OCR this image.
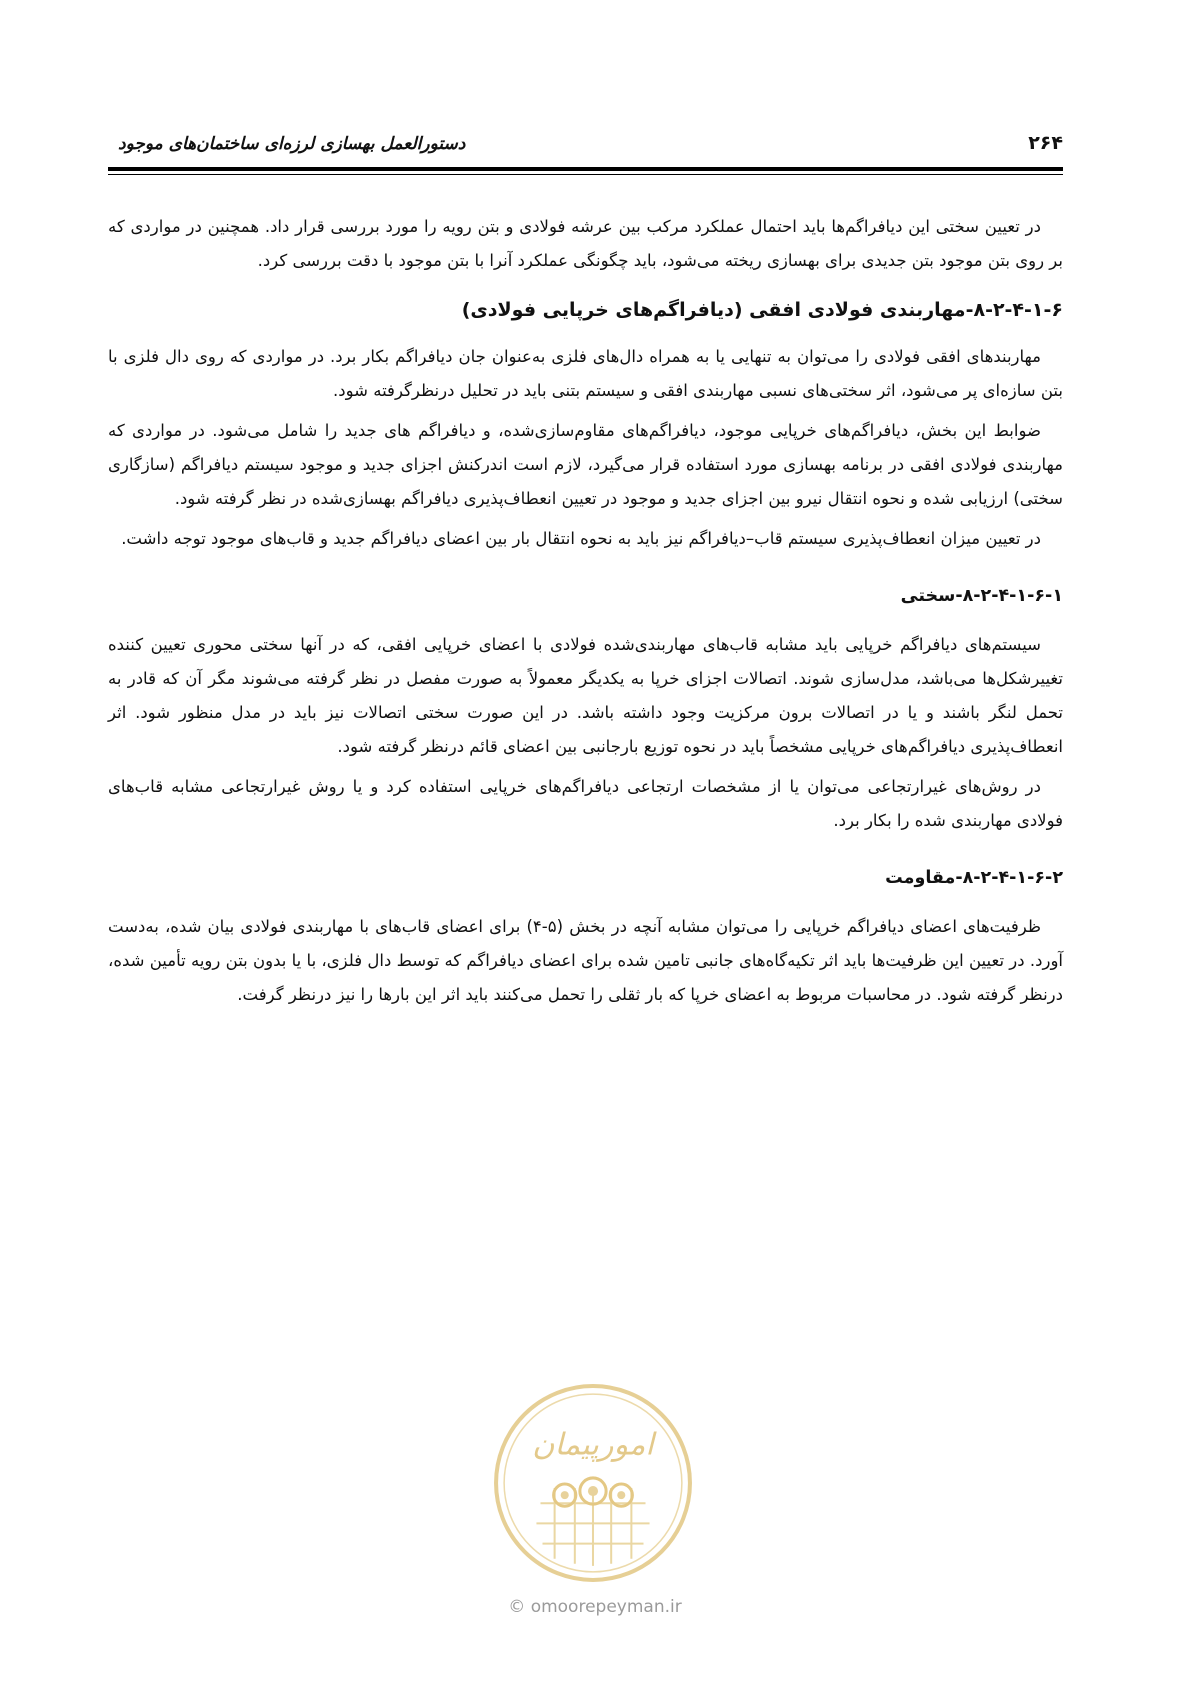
۲۶۴
دستورالعمل بهسازی لرزه‌ای ساختمان‌های موجود

در تعیین سختی این دیافراگم‌ها باید احتمال عملکرد مرکب بین عرشه فولادی و بتن رویه را مورد بررسی قرار داد. همچنین در مواردی که بر روی بتن موجود بتن جدیدی برای بهسازی ریخته می‌شود، باید چگونگی عملکرد آنرا با بتن موجود با دقت بررسی کرد.

۸-۲-۴-۱-۶-مهاربندی فولادی افقی (دیافراگم‌های خرپایی فولادی)

مهاربندهای افقی فولادی را می‌توان به تنهایی یا به همراه دال‌های فلزی به‌عنوان جان دیافراگم بکار برد. در مواردی که روی دال فلزی با بتن سازه‌ای پر می‌شود، اثر سختی‌های نسبی مهاربندی افقی و سیستم بتنی باید در تحلیل درنظرگرفته شود.

ضوابط این بخش، دیافراگم‌های خرپایی موجود، دیافراگم‌های مقاوم‌سازی‌شده، و دیافراگم های جدید را شامل می‌شود. در مواردی که مهاربندی فولادی افقی در برنامه بهسازی مورد استفاده قرار می‌گیرد، لازم است اندرکنش اجزای جدید و موجود سیستم دیافراگم (سازگاری سختی) ارزیابی شده و نحوه انتقال نیرو بین اجزای جدید و موجود در تعیین انعطاف‌پذیری دیافراگم بهسازی‌شده در نظر گرفته شود.

در تعیین میزان انعطاف‌پذیری سیستم قاب–دیافراگم نیز باید به نحوه انتقال بار بین اعضای دیافراگم جدید و قاب‌های موجود توجه داشت.

۸-۲-۴-۱-۶-۱-سختی

سیستم‌های دیافراگم خرپایی باید مشابه قاب‌های مهاربندی‌شده فولادی با اعضای خرپایی افقی، که در آنها سختی محوری تعیین کننده تغییرشکل‌ها می‌باشد، مدل‌سازی شوند. اتصالات اجزای خرپا به یکدیگر معمولاً به صورت مفصل در نظر گرفته می‌شوند مگر آن که قادر به تحمل لنگر باشند و یا در اتصالات برون مرکزیت وجود داشته باشد. در این صورت سختی اتصالات نیز باید در مدل منظور شود. اثر انعطاف‌پذیری دیافراگم‌های خرپایی مشخصاً باید در نحوه توزیع بارجانبی بین اعضای قائم درنظر گرفته شود.

در روش‌های غیرارتجاعی می‌توان یا از مشخصات ارتجاعی دیافراگم‌های خرپایی استفاده کرد و یا روش غیرارتجاعی مشابه قاب‌های فولادی مهاربندی شده را بکار برد.

۸-۲-۴-۱-۶-۲-مقاومت

ظرفیت‌های اعضای دیافراگم خرپایی را می‌توان مشابه آنچه در بخش (۵-۴) برای اعضای قاب‌های با مهاربندی فولادی بیان شده، به‌دست آورد. در تعیین این ظرفیت‌ها باید اثر تکیه‌گاه‌های جانبی تامین شده برای اعضای دیافراگم که توسط دال فلزی، با یا بدون بتن رویه تأمین شده، درنظر گرفته شود. در محاسبات مربوط به اعضای خرپا که بار ثقلی را تحمل می‌کنند باید اثر این بارها را نیز درنظر گرفت.

امورپیمان
© omoorepeyman.ir
